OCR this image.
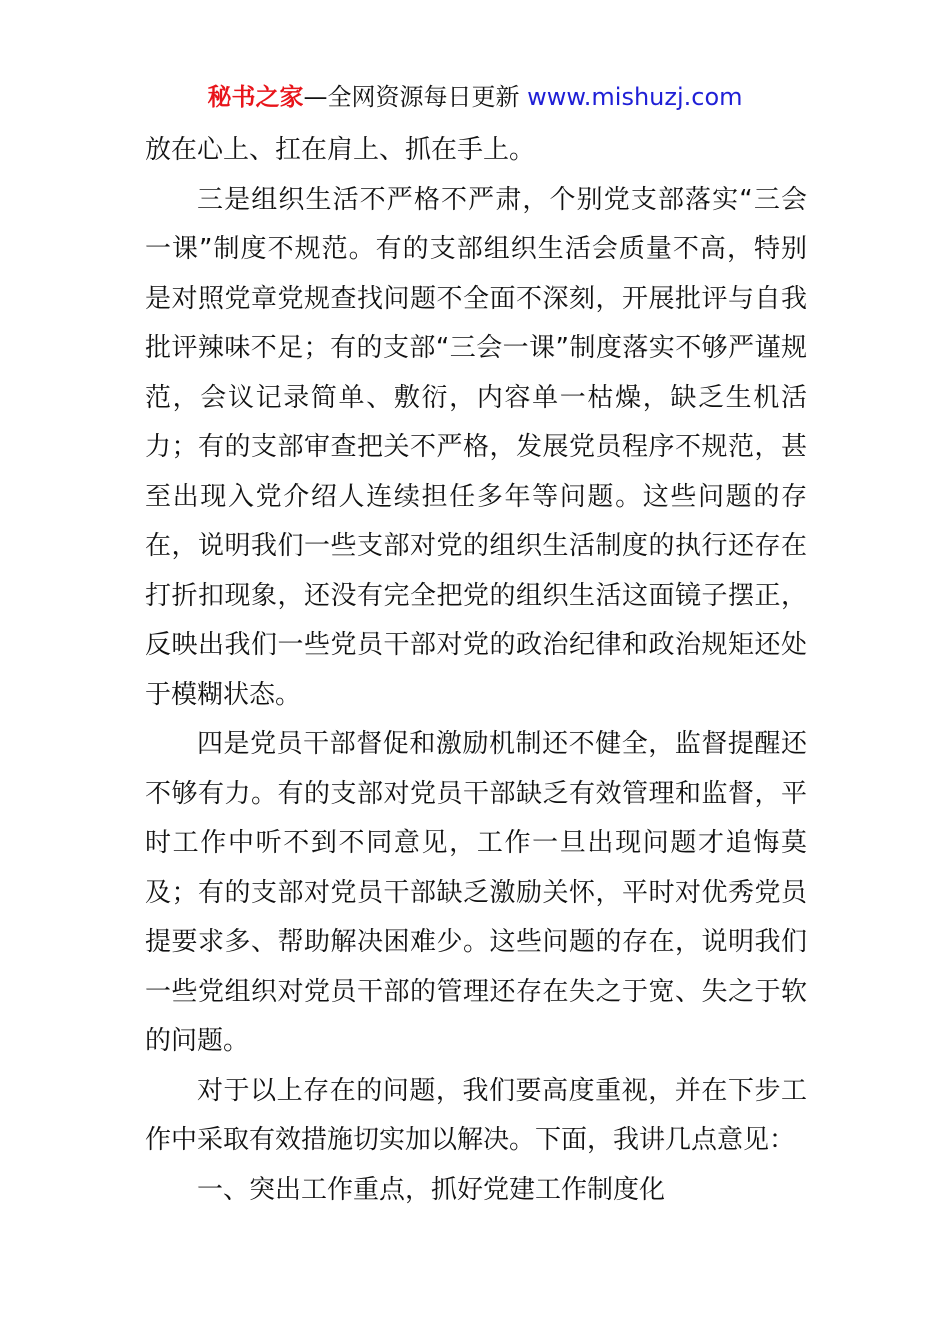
秘书之家—全网资源每日更新 www.mishuzj.com

放在心上、扛在肩上、抓在手上。

三是组织生活不严格不严肃，个别党支部落实“三会一课”制度不规范。有的支部组织生活会质量不高，特别是对照党章党规查找问题不全面不深刻，开展批评与自我批评辣味不足；有的支部“三会一课”制度落实不够严谨规范，会议记录简单、敷衍，内容单一枯燥，缺乏生机活力；有的支部审查把关不严格，发展党员程序不规范，甚至出现入党介绍人连续担任多年等问题。这些问题的存在，说明我们一些支部对党的组织生活制度的执行还存在打折扣现象，还没有完全把党的组织生活这面镜子摆正，反映出我们一些党员干部对党的政治纪律和政治规矩还处于模糊状态。

四是党员干部督促和激励机制还不健全，监督提醒还不够有力。有的支部对党员干部缺乏有效管理和监督，平时工作中听不到不同意见，工作一旦出现问题才追悔莫及；有的支部对党员干部缺乏激励关怀，平时对优秀党员提要求多、帮助解决困难少。这些问题的存在，说明我们一些党组织对党员干部的管理还存在失之于宽、失之于软的问题。

对于以上存在的问题，我们要高度重视，并在下步工作中采取有效措施切实加以解决。下面，我讲几点意见：

一、突出工作重点，抓好党建工作制度化
